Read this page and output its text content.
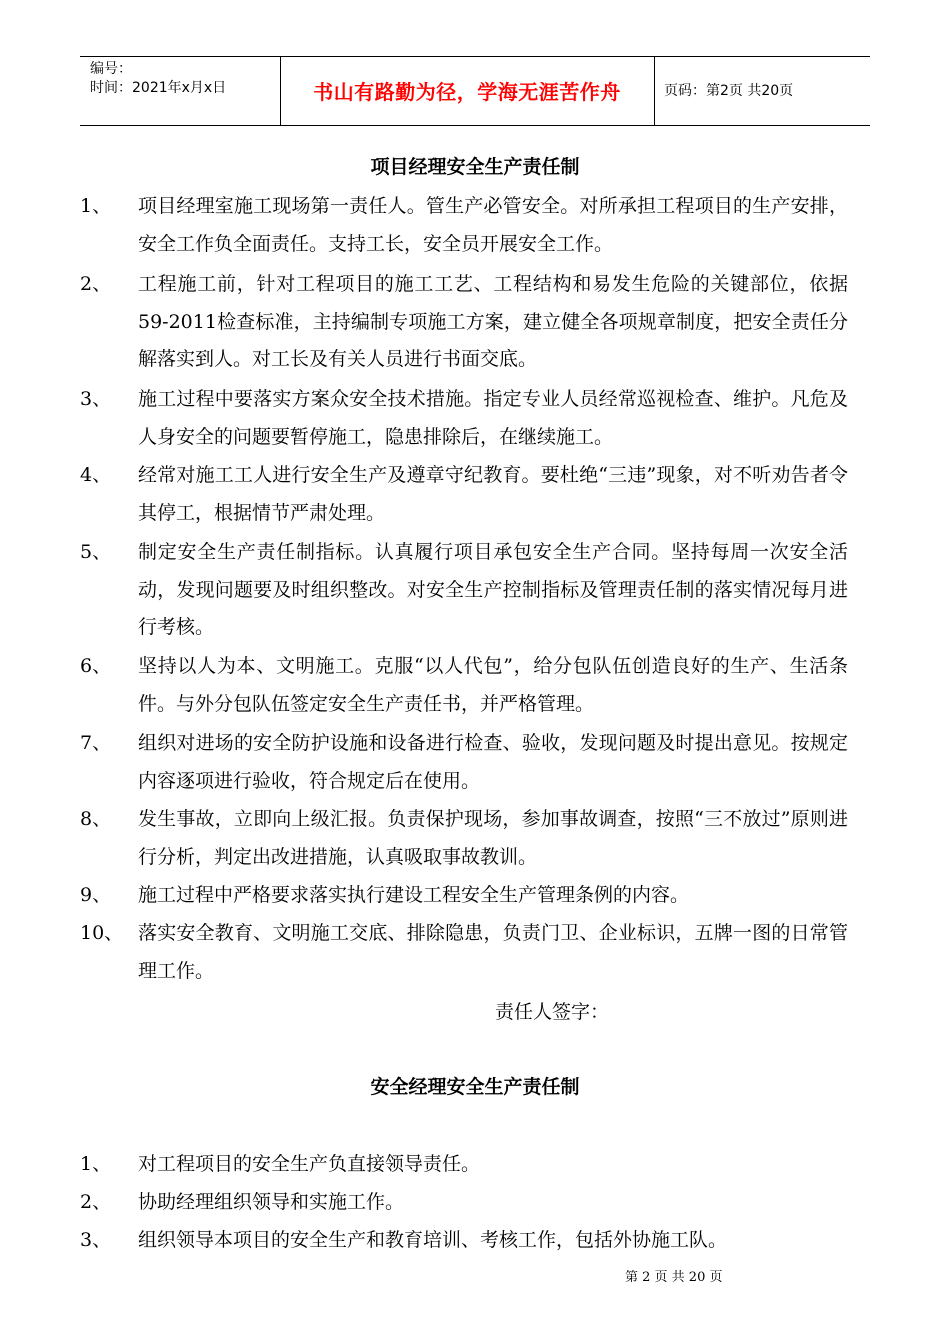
编号：
时间：2021年x月x日	书山有路勤为径，学海无涯苦作舟	页码：第2页 共20页
项目经理安全生产责任制
1、 项目经理室施工现场第一责任人。管生产必管安全。对所承担工程项目的生产安排，安全工作负全面责任。支持工长，安全员开展安全工作。
2、 工程施工前，针对工程项目的施工工艺、工程结构和易发生危险的关键部位，依据59-2011检查标准，主持编制专项施工方案，建立健全各项规章制度，把安全责任分解落实到人。对工长及有关人员进行书面交底。
3、 施工过程中要落实方案众安全技术措施。指定专业人员经常巡视检查、维护。凡危及人身安全的问题要暂停施工，隐患排除后，在继续施工。
4、 经常对施工工人进行安全生产及遵章守纪教育。要杜绝“三违”现象，对不听劝告者令其停工，根据情节严肃处理。
5、 制定安全生产责任制指标。认真履行项目承包安全生产合同。坚持每周一次安全活动，发现问题要及时组织整改。对安全生产控制指标及管理责任制的落实情况每月进行考核。
6、 坚持以人为本、文明施工。克服“以人代包”，给分包队伍创造良好的生产、生活条件。与外分包队伍签定安全生产责任书，并严格管理。
7、 组织对进场的安全防护设施和设备进行检查、验收，发现问题及时提出意见。按规定内容逐项进行验收，符合规定后在使用。
8、 发生事故，立即向上级汇报。负责保护现场，参加事故调查，按照“三不放过”原则进行分析，判定出改进措施，认真吸取事故教训。
9、 施工过程中严格要求落实执行建设工程安全生产管理条例的内容。
10、 落实安全教育、文明施工交底、排除隐患，负责门卫、企业标识，五牌一图的日常管理工作。
责任人签字：
安全经理安全生产责任制
1、 对工程项目的安全生产负直接领导责任。
2、 协助经理组织领导和实施工作。
3、 组织领导本项目的安全生产和教育培训、考核工作，包括外协施工队。
第 2 页 共 20 页
